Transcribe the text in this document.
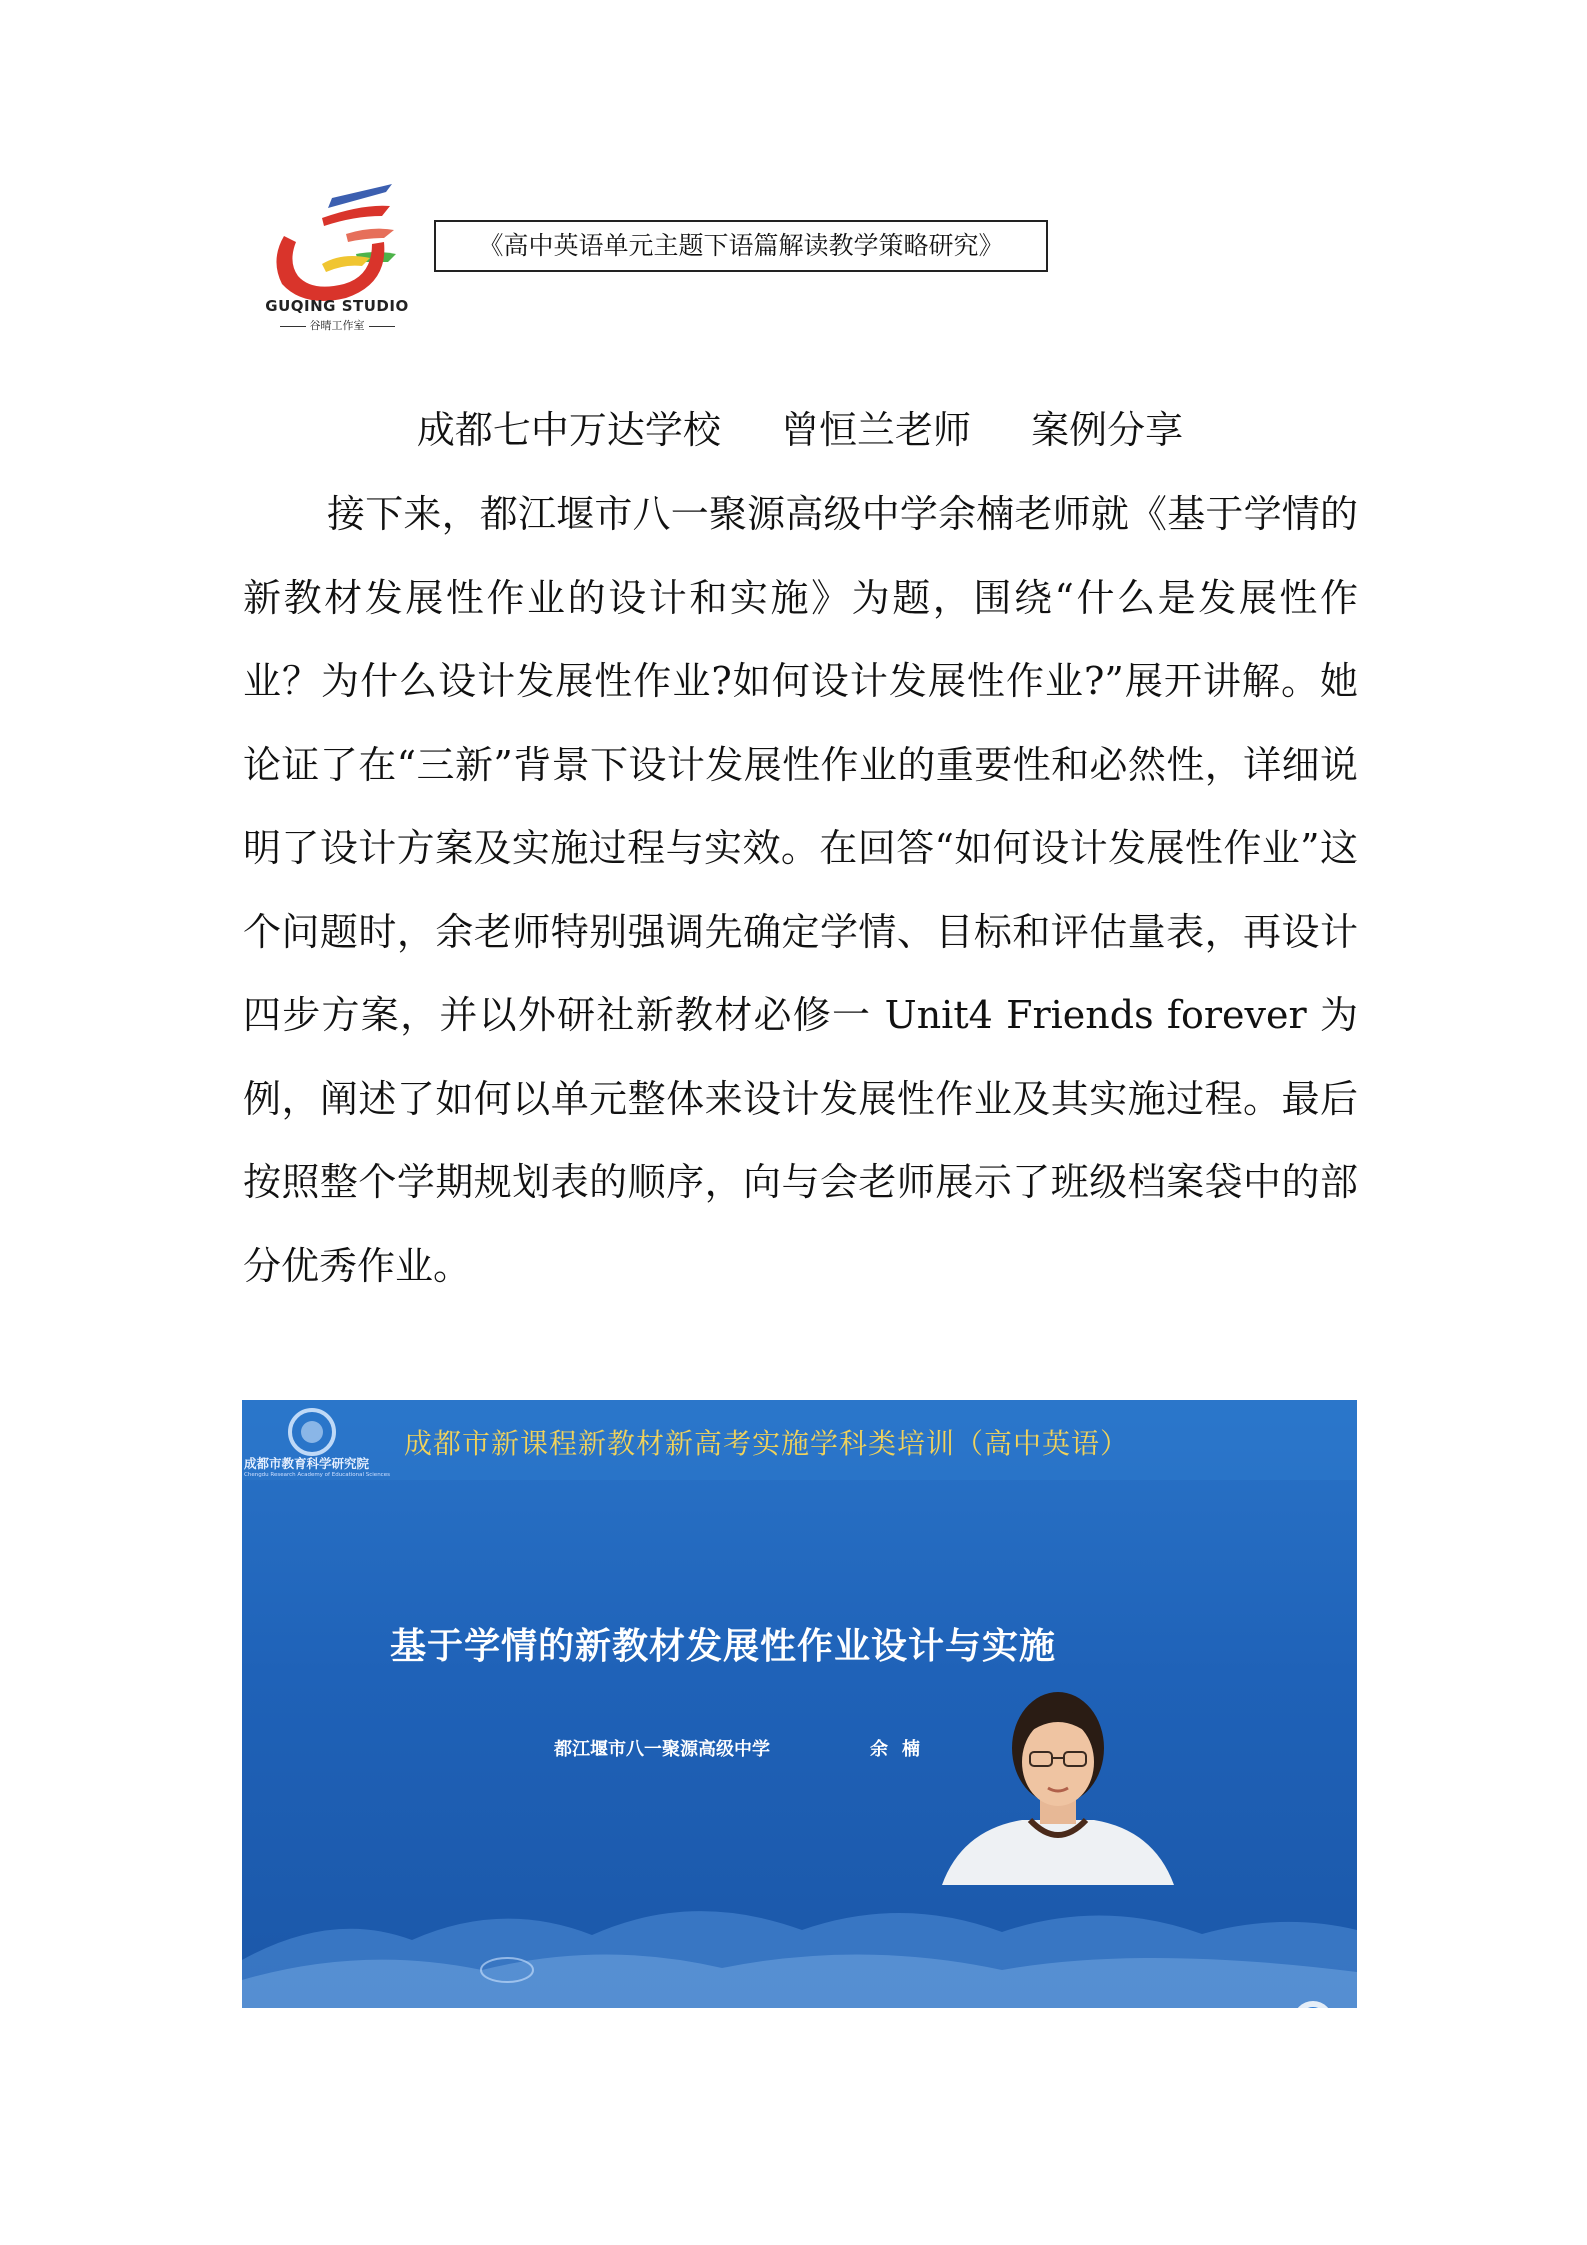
GUQING STUDIO
谷晴工作室
《高中英语单元主题下语篇解读教学策略研究》
成都七中万达学校 曾恒兰老师 案例分享

接下来，都江堰市八一聚源高级中学余楠老师就《基于学情的新教材发展性作业的设计和实施》为题，围绕“什么是发展性作业？为什么设计发展性作业?如何设计发展性作业?”展开讲解。她论证了在“三新”背景下设计发展性作业的重要性和必然性，详细说明了设计方案及实施过程与实效。在回答“如何设计发展性作业”这个问题时，余老师特别强调先确定学情、目标和评估量表，再设计四步方案，并以外研社新教材必修一 Unit4 Friends forever 为例，阐述了如何以单元整体来设计发展性作业及其实施过程。最后按照整个学期规划表的顺序，向与会老师展示了班级档案袋中的部分优秀作业。

成都市教育科学研究院
Chengdu Research Academy of Educational Sciences
成都市新课程新教材新高考实施学科类培训（高中英语）
基于学情的新教材发展性作业设计与实施
都江堰市八一聚源高级中学	余楠
